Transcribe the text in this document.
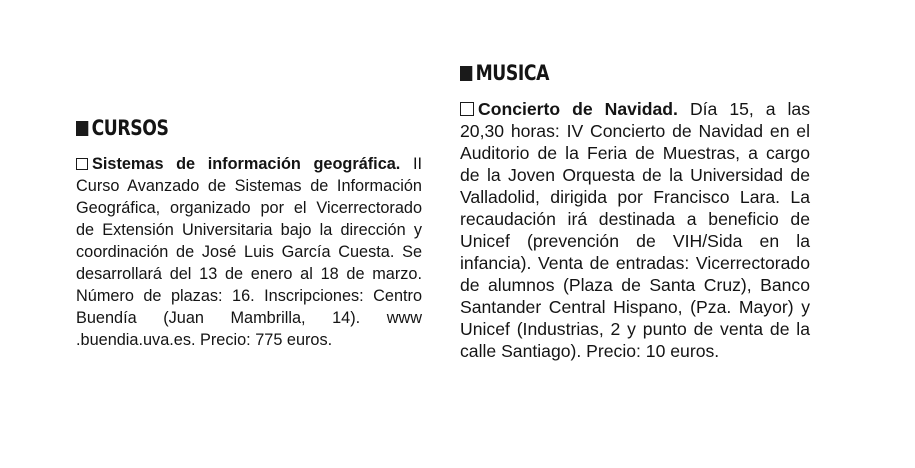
CURSOS
Sistemas de información geográfica. II Curso Avanzado de Sistemas de Información Geográfica, organizado por el Vicerrectorado de Extensión Universitaria bajo la dirección y coordinación de José Luis García Cuesta. Se desarrollará del 13 de enero al 18 de marzo. Número de plazas: 16. Inscripciones: Centro Buendía (Juan Mambrilla, 14). www .buendia.uva.es. Precio: 775 euros.
MUSICA
Concierto de Navidad. Día 15, a las 20,30 horas: IV Concierto de Navidad en el Auditorio de la Feria de Muestras, a cargo de la Joven Orquesta de la Universidad de Valladolid, dirigida por Francisco Lara. La recaudación irá destinada a beneficio de Unicef (prevención de VIH/Sida en la infancia). Venta de entradas: Vicerrectorado de alumnos (Plaza de Santa Cruz), Banco Santander Central Hispano, (Pza. Mayor) y Unicef (Industrias, 2 y punto de venta de la calle Santiago). Precio: 10 euros.
